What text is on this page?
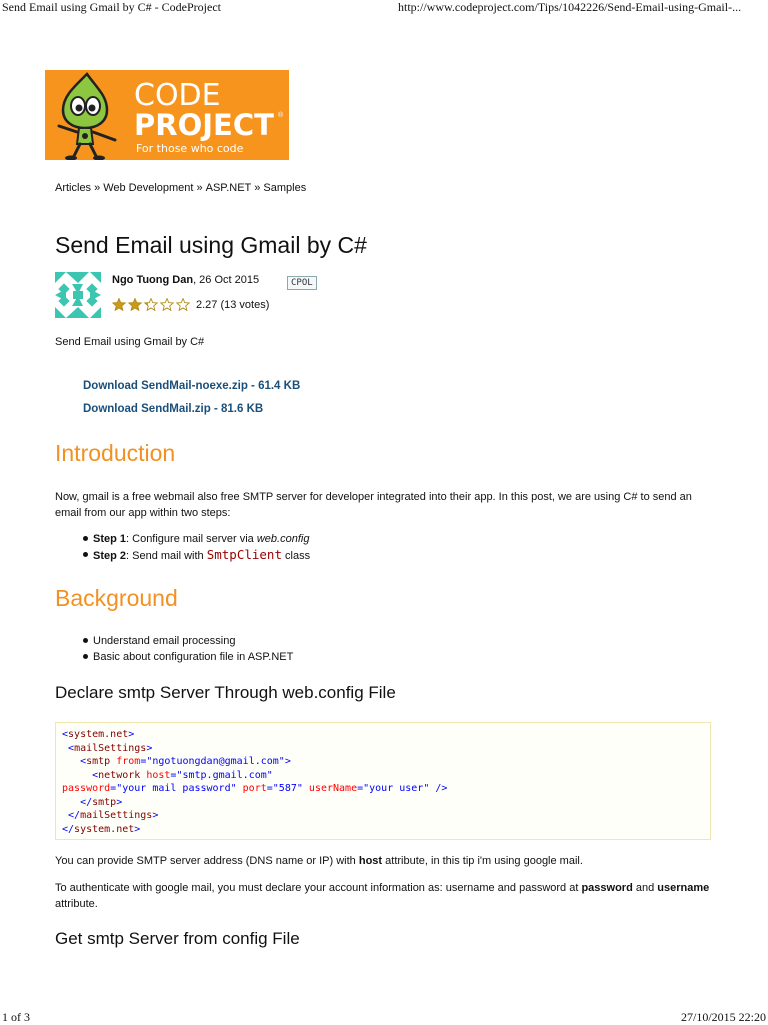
Send Email using Gmail by C# - CodeProject	http://www.codeproject.com/Tips/1042226/Send-Email-using-Gmail-...
CODE
PROJECT ®
For those who code
Articles » Web Development » ASP.NET » Samples
Send Email using Gmail by C#
Ngo Tuong Dan, 26 Oct 2015	CPOL
2.27 (13 votes)
Send Email using Gmail by C#
Download SendMail-noexe.zip - 61.4 KB
Download SendMail.zip - 81.6 KB
Introduction

Now, gmail is a free webmail also free SMTP server for developer integrated into their app. In this post, we are using C# to send an email from our app within two steps:

Step 1: Configure mail server via web.config
Step 2: Send mail with SmtpClient class
Background
Understand email processing
Basic about configuration file in ASP.NET
Declare smtp Server Through web.config File
<system.net>
<mailSettings>
<smtp from="ngotuongdan@gmail.com">
<network host="smtp.gmail.com"
password="your mail password" port="587" userName="your user" />
</smtp>
</mailSettings>
</system.net>

You can provide SMTP server address (DNS name or IP) with host attribute, in this tip i'm using google mail.

To authenticate with google mail, you must declare your account information as: username and password at password and username attribute.

Get smtp Server from config File
1 of 3	27/10/2015 22:20
